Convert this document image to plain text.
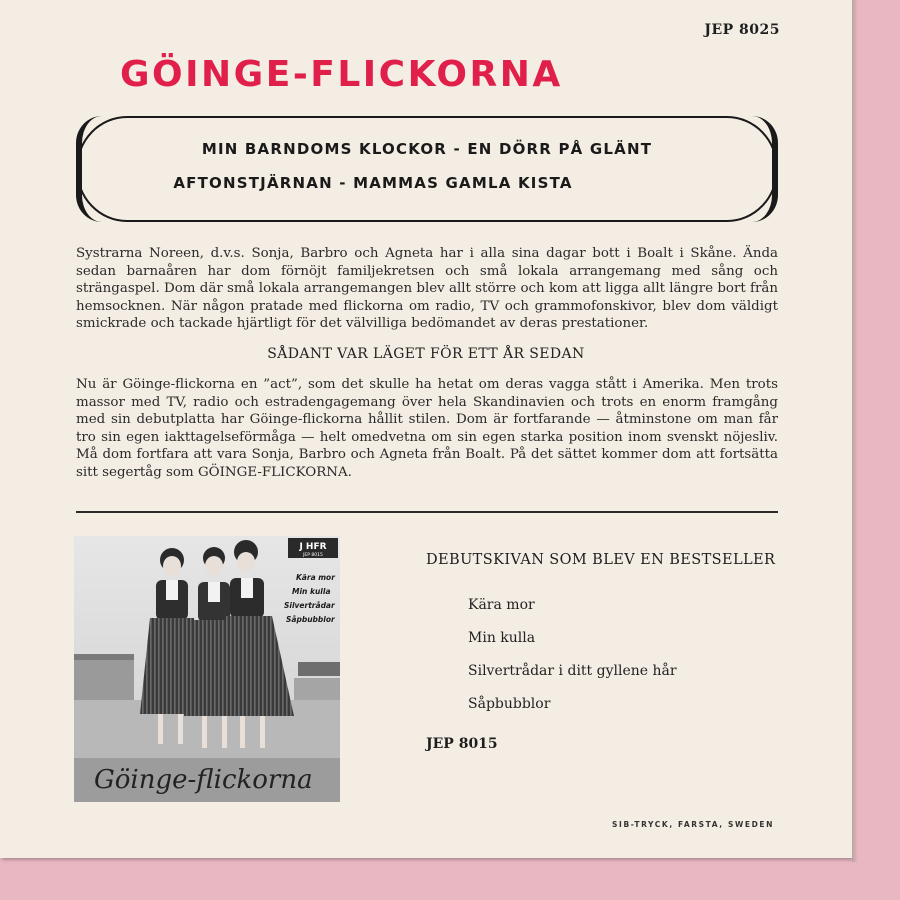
JEP 8025
GÖINGE-FLICKORNA
MIN BARNDOMS KLOCKOR - EN DÖRR PÅ GLÄNT
AFTONSTJÄRNAN - MAMMAS GAMLA KISTA

Systrarna Noreen, d.v.s. Sonja, Barbro och Agneta har i alla sina dagar bott i Boalt i Skåne. Ända sedan barnaåren har dom förnöjt familjekretsen och små lokala arrangemang med sång och strängaspel. Dom där små lokala arrangemangen blev allt större och kom att ligga allt längre bort från hemsocknen. När någon pratade med flickorna om radio, TV och grammofonskivor, blev dom väldigt smickrade och tackade hjärtligt för det välvilliga bedömandet av deras prestationer.

SÅDANT VAR LÄGET FÖR ETT ÅR SEDAN

Nu är Göinge-flickorna en ”act”, som det skulle ha hetat om deras vagga stått i Amerika. Men trots massor med TV, radio och estradengagemang över hela Skandinavien och trots en enorm framgång med sin debutplatta har Göinge-flickorna hållit stilen. Dom är fortfarande — åtminstone om man får tro sin egen iakttagelseförmåga — helt omedvetna om sin egen starka position inom svenskt nöjesliv. Må dom fortfara att vara Sonja, Barbro och Agneta från Boalt. På det sättet kommer dom att fortsätta sitt segertåg som GÖINGE-FLICKORNA.

J HFR
JEP 8015
Kära mor
Min kulla
Silvertrådar
Såpbubblor
Göinge-flickorna
DEBUTSKIVAN SOM BLEV EN BESTSELLER
Kära mor
Min kulla
Silvertrådar i ditt gyllene hår
Såpbubblor
JEP 8015
SIB-TRYCK, FARSTA, SWEDEN
